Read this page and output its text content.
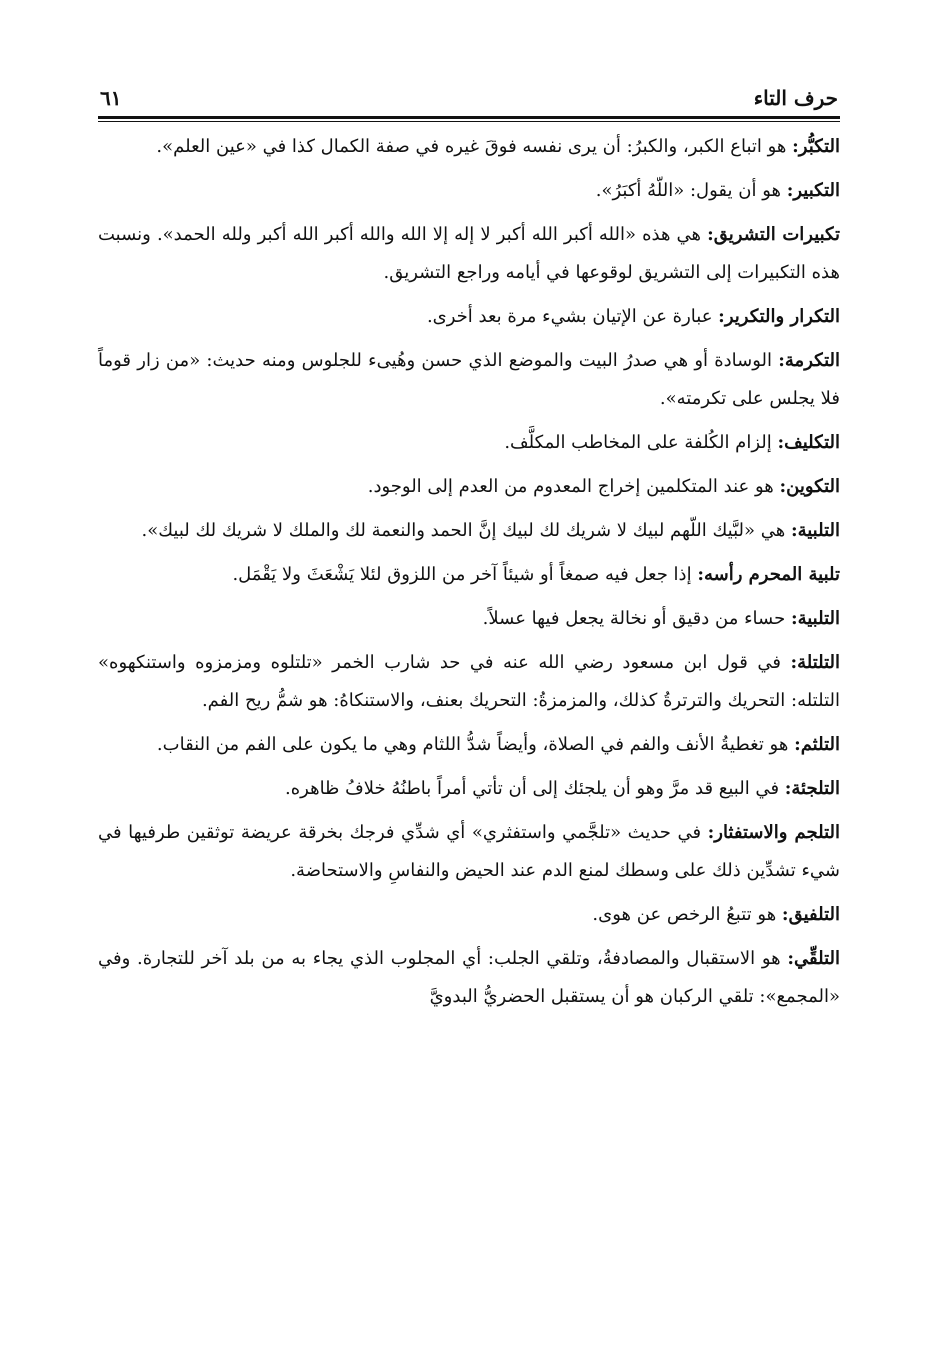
حرف التاء
٦١

التكبُّر: هو اتباع الكبر، والكبرُ: أن يرى نفسه فوقَ غيره في صفة الكمال كذا في «عين العلم».

التكبير: هو أن يقول: «اللّهُ أكبَرُ».

تكبيرات التشريق: هي هذه «الله أكبر الله أكبر لا إله إلا الله والله أكبر الله أكبر ولله الحمد». ونسبت هذه التكبيرات إلى التشريق لوقوعها في أيامه وراجع التشريق.

التكرار والتكرير: عبارة عن الإتيان بشيء مرة بعد أخرى.

التكرمة: الوسادة أو هي صدرُ البيت والموضع الذي حسن وهُيىء للجلوس ومنه حديث: «من زار قوماً فلا يجلس على تكرمته».

التكليف: إلزام الكُلفة على المخاطب المكلَّف.

التكوين: هو عند المتكلمين إخراج المعدوم من العدم إلى الوجود.

التلبية: هي «لبَّيك اللّهم لبيك لا شريك لك لبيك إنَّ الحمد والنعمة لك والملك لا شريك لك لبيك».

تلبية المحرم رأسه: إذا جعل فيه صمغاً أو شيئاً آخر من اللزوق لئلا يَشْعَثَ ولا يَقْمَل.

التلبية: حساء من دقيق أو نخالة يجعل فيها عسلاً.

التلتلة: في قول ابن مسعود رضي الله عنه في حد شارب الخمر «تلتلوه ومزمزوه واستنكهوه» التلتله: التحريك والترترةُ كذلك، والمزمزةُ: التحريك بعنف، والاستنكاهُ: هو شمُّ ريح الفم.

التلثم: هو تغطيةُ الأنف والفم في الصلاة، وأيضاً شدُّ اللثام وهي ما يكون على الفم من النقاب.

التلجئة: في البيع قد مرَّ وهو أن يلجئك إلى أن تأتي أمراً باطنُهُ خلافُ ظاهره.

التلجم والاستفثار: في حديث «تلجَّمي واستفثري» أي شدِّي فرجك بخرقة عريضة توثقين طرفيها في شيء تشدِّين ذلك على وسطك لمنع الدم عند الحيض والنفاسِ والاستحاضة.

التلفيق: هو تتبعُ الرخص عن هوى.

التلقِّي: هو الاستقبال والمصادفةُ، وتلقي الجلب: أي المجلوب الذي يجاء به من بلد آخر للتجارة. وفي «المجمع»: تلقي الركبان هو أن يستقبل الحضريُّ البدويَّ
